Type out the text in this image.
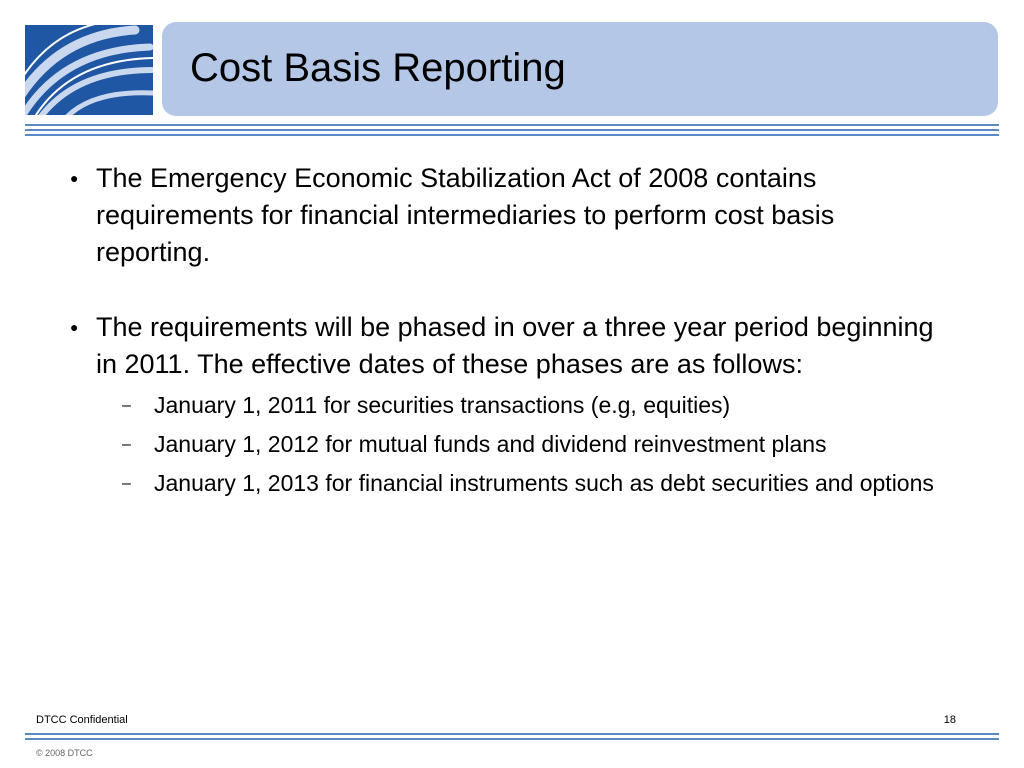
Cost Basis Reporting
● The Emergency Economic Stabilization Act of 2008 contains requirements for financial intermediaries to perform cost basis reporting.
● The requirements will be phased in over a three year period beginning in 2011. The effective dates of these phases are as follows:
– January 1, 2011 for securities transactions (e.g, equities)
– January 1, 2012 for mutual funds and dividend reinvestment plans
– January 1, 2013 for financial instruments such as debt securities and options
DTCC Confidential	18
© 2008 DTCC
